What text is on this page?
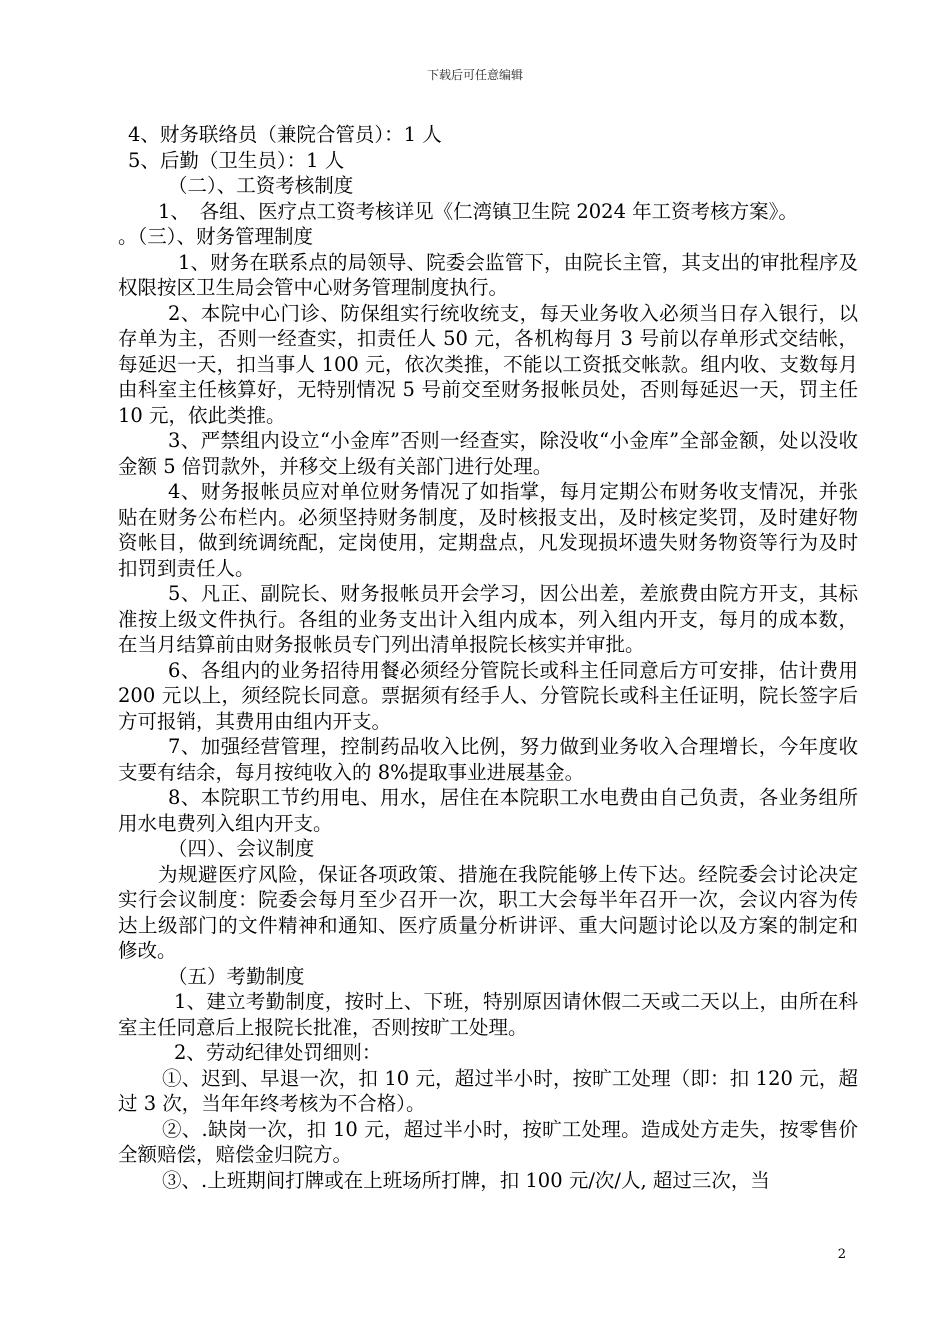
下载后可任意编辑

4、财务联络员（兼院合管员）：1 人

5、后勤（卫生员）：1 人

（二）、工资考核制度

1、　各组、医疗点工资考核详见《仁湾镇卫生院 2024 年工资考核方案》。

。（三）、财务管理制度

1、财务在联系点的局领导、院委会监管下，由院长主管，其支出的审批程序及权限按区卫生局会管中心财务管理制度执行。

2、本院中心门诊、防保组实行统收统支，每天业务收入必须当日存入银行，以存单为主，否则一经查实，扣责任人 50 元，各机构每月 3 号前以存单形式交结帐，每延迟一天，扣当事人 100 元，依次类推，不能以工资抵交帐款。组内收、支数每月由科室主任核算好，无特别情况 5 号前交至财务报帐员处，否则每延迟一天，罚主任 10 元，依此类推。

3、严禁组内设立“小金库”否则一经查实，除没收“小金库”全部金额，处以没收金额 5 倍罚款外，并移交上级有关部门进行处理。

4、财务报帐员应对单位财务情况了如指掌，每月定期公布财务收支情况，并张贴在财务公布栏内。必须坚持财务制度，及时核报支出，及时核定奖罚，及时建好物资帐目，做到统调统配，定岗使用，定期盘点，凡发现损坏遗失财务物资等行为及时扣罚到责任人。

5、凡正、副院长、财务报帐员开会学习，因公出差，差旅费由院方开支，其标准按上级文件执行。各组的业务支出计入组内成本，列入组内开支，每月的成本数，在当月结算前由财务报帐员专门列出清单报院长核实并审批。

6、各组内的业务招待用餐必须经分管院长或科主任同意后方可安排，估计费用 200 元以上，须经院长同意。票据须有经手人、分管院长或科主任证明，院长签字后方可报销，其费用由组内开支。

7、加强经营管理，控制药品收入比例，努力做到业务收入合理增长，今年度收支要有结余，每月按纯收入的 8%提取事业进展基金。

8、本院职工节约用电、用水，居住在本院职工水电费由自己负责，各业务组所用水电费列入组内开支。

（四）、会议制度

为规避医疗风险，保证各项政策、措施在我院能够上传下达。经院委会讨论决定实行会议制度：院委会每月至少召开一次，职工大会每半年召开一次，会议内容为传达上级部门的文件精神和通知、医疗质量分析讲评、重大问题讨论以及方案的制定和修改。

（五）考勤制度

1、建立考勤制度，按时上、下班，特别原因请休假二天或二天以上，由所在科室主任同意后上报院长批准，否则按旷工处理。

2、劳动纪律处罚细则：

①、迟到、早退一次，扣 10 元，超过半小时，按旷工处理（即：扣 120 元，超过 3 次，当年年终考核为不合格）。

②、.缺岗一次，扣 10 元，超过半小时，按旷工处理。造成处方走失，按零售价全额赔偿，赔偿金归院方。

③、.上班期间打牌或在上班场所打牌，扣 100 元/次/人, 超过三次，当

2
